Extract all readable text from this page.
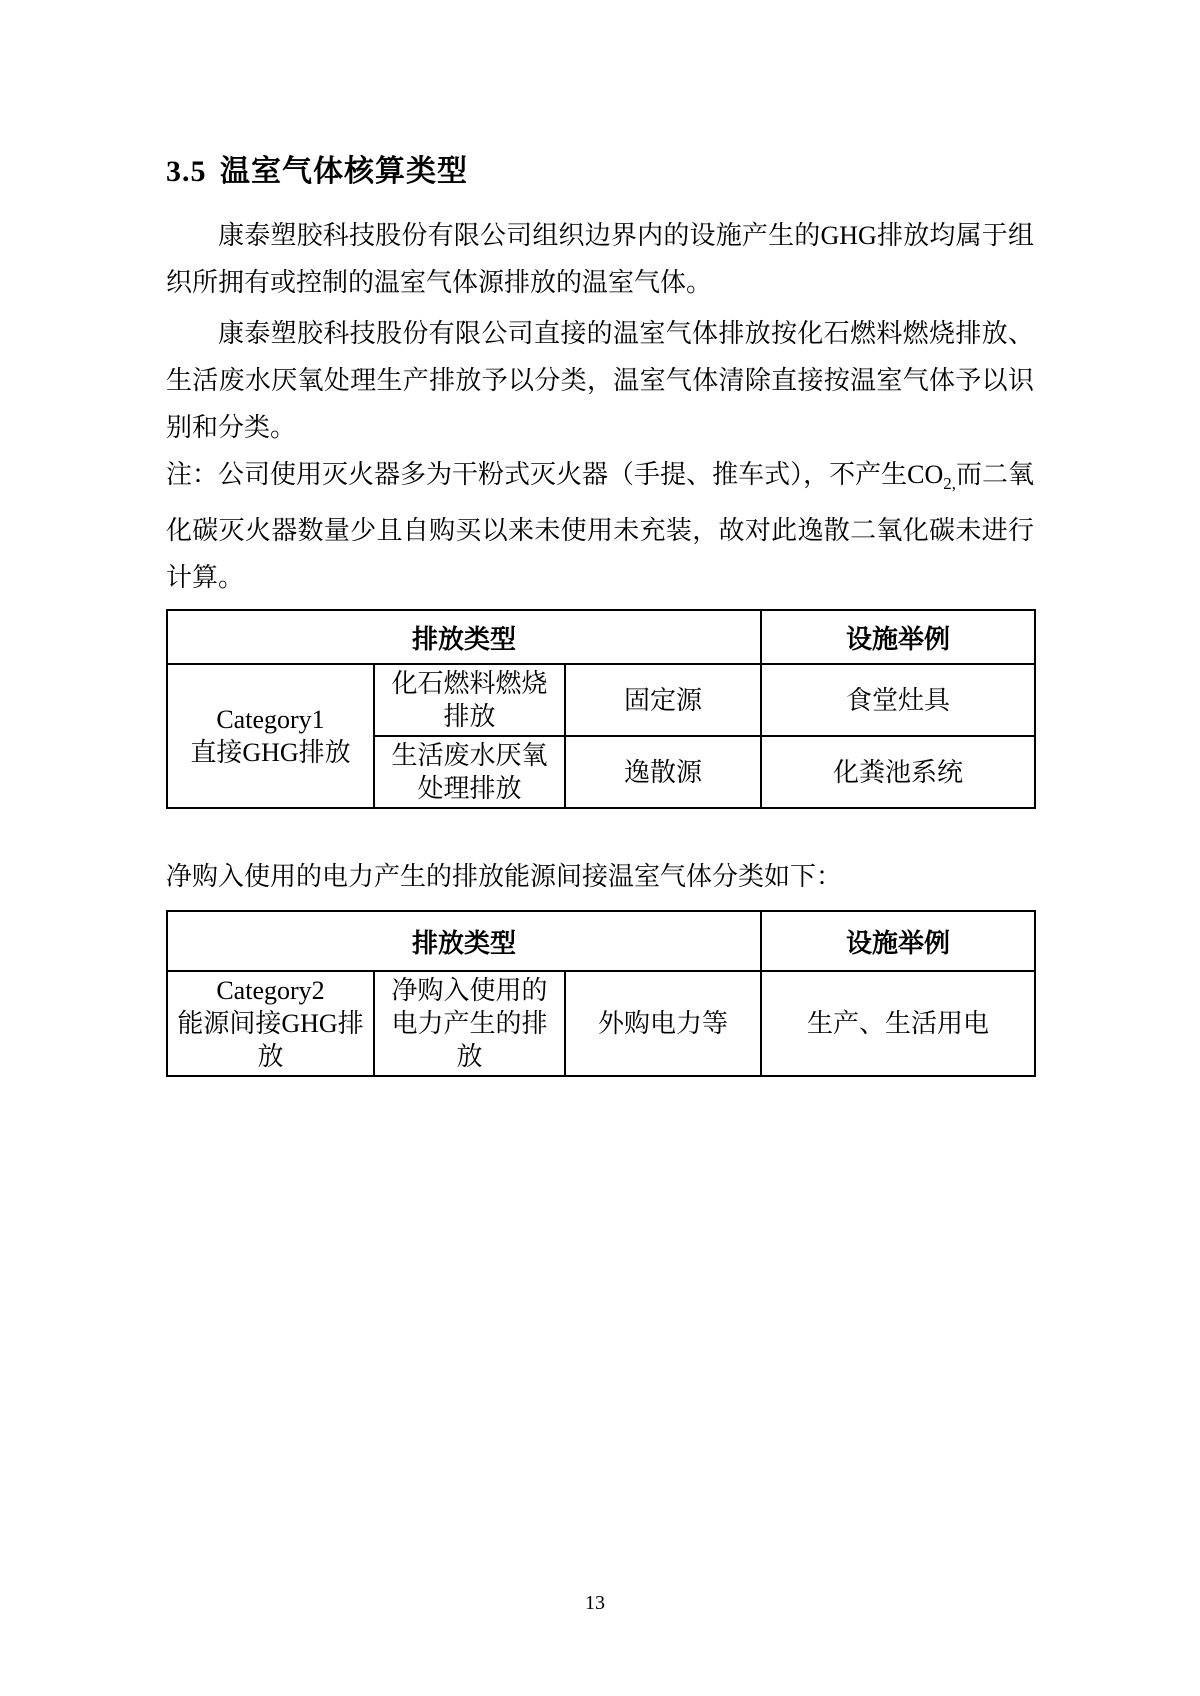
3.5 温室气体核算类型

康泰塑胶科技股份有限公司组织边界内的设施产生的GHG排放均属于组织所拥有或控制的温室气体源排放的温室气体。

康泰塑胶科技股份有限公司直接的温室气体排放按化石燃料燃烧排放、生活废水厌氧处理生产排放予以分类，温室气体清除直接按温室气体予以识别和分类。

注：公司使用灭火器多为干粉式灭火器（手提、推车式），不产生$CO_{2,}$而二氧化碳灭火器数量少且自购买以来未使用未充装，故对此逸散二氧化碳未进行计算。

排放类型			设施举例

Category1
直接GHG排放	化石燃料燃烧排放	固定源	食堂灶具
	生活废水厌氧处理排放	逸散源	化粪池系统

净购入使用的电力产生的排放能源间接温室气体分类如下：

排放类型			设施举例

Category2
能源间接GHG排放	净购入使用的电力产生的排放	外购电力等	生产、生活用电
13
